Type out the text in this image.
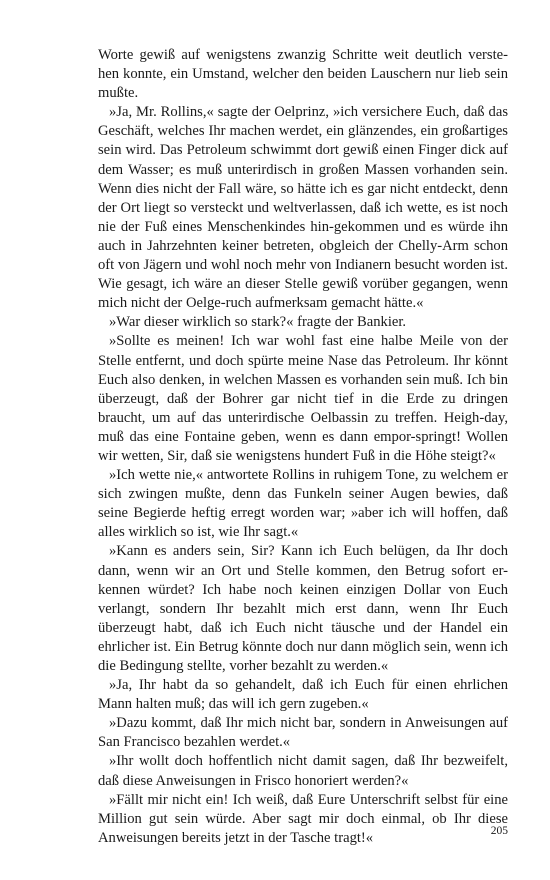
Worte gewiß auf wenigstens zwanzig Schritte weit deutlich verste-hen konnte, ein Umstand, welcher den beiden Lauschern nur lieb sein mußte.

»Ja, Mr. Rollins,« sagte der Oelprinz, »ich versichere Euch, daß das Geschäft, welches Ihr machen werdet, ein glänzendes, ein großartiges sein wird. Das Petroleum schwimmt dort gewiß einen Finger dick auf dem Wasser; es muß unterirdisch in großen Massen vorhanden sein. Wenn dies nicht der Fall wäre, so hätte ich es gar nicht entdeckt, denn der Ort liegt so versteckt und weltverlassen, daß ich wette, es ist noch nie der Fuß eines Menschenkindes hin-gekommen und es würde ihn auch in Jahrzehnten keiner betreten, obgleich der Chelly-Arm schon oft von Jägern und wohl noch mehr von Indianern besucht worden ist. Wie gesagt, ich wäre an dieser Stelle gewiß vorüber gegangen, wenn mich nicht der Oelge-ruch aufmerksam gemacht hätte.«

»War dieser wirklich so stark?« fragte der Bankier.

»Sollte es meinen! Ich war wohl fast eine halbe Meile von der Stelle entfernt, und doch spürte meine Nase das Petroleum. Ihr könnt Euch also denken, in welchen Massen es vorhanden sein muß. Ich bin überzeugt, daß der Bohrer gar nicht tief in die Erde zu dringen braucht, um auf das unterirdische Oelbassin zu treffen. Heigh-day, muß das eine Fontaine geben, wenn es dann empor-springt! Wollen wir wetten, Sir, daß sie wenigstens hundert Fuß in die Höhe steigt?«

»Ich wette nie,« antwortete Rollins in ruhigem Tone, zu welchem er sich zwingen mußte, denn das Funkeln seiner Augen bewies, daß seine Begierde heftig erregt worden war; »aber ich will hoffen, daß alles wirklich so ist, wie Ihr sagt.«

»Kann es anders sein, Sir? Kann ich Euch belügen, da Ihr doch dann, wenn wir an Ort und Stelle kommen, den Betrug sofort er-kennen würdet? Ich habe noch keinen einzigen Dollar von Euch verlangt, sondern Ihr bezahlt mich erst dann, wenn Ihr Euch überzeugt habt, daß ich Euch nicht täusche und der Handel ein ehrlicher ist. Ein Betrug könnte doch nur dann möglich sein, wenn ich die Bedingung stellte, vorher bezahlt zu werden.«

»Ja, Ihr habt da so gehandelt, daß ich Euch für einen ehrlichen Mann halten muß; das will ich gern zugeben.«

»Dazu kommt, daß Ihr mich nicht bar, sondern in Anweisungen auf San Francisco bezahlen werdet.«

»Ihr wollt doch hoffentlich nicht damit sagen, daß Ihr bezweifelt, daß diese Anweisungen in Frisco honoriert werden?«

»Fällt mir nicht ein! Ich weiß, daß Eure Unterschrift selbst für eine Million gut sein würde. Aber sagt mir doch einmal, ob Ihr diese Anweisungen bereits jetzt in der Tasche tragt!«	205
